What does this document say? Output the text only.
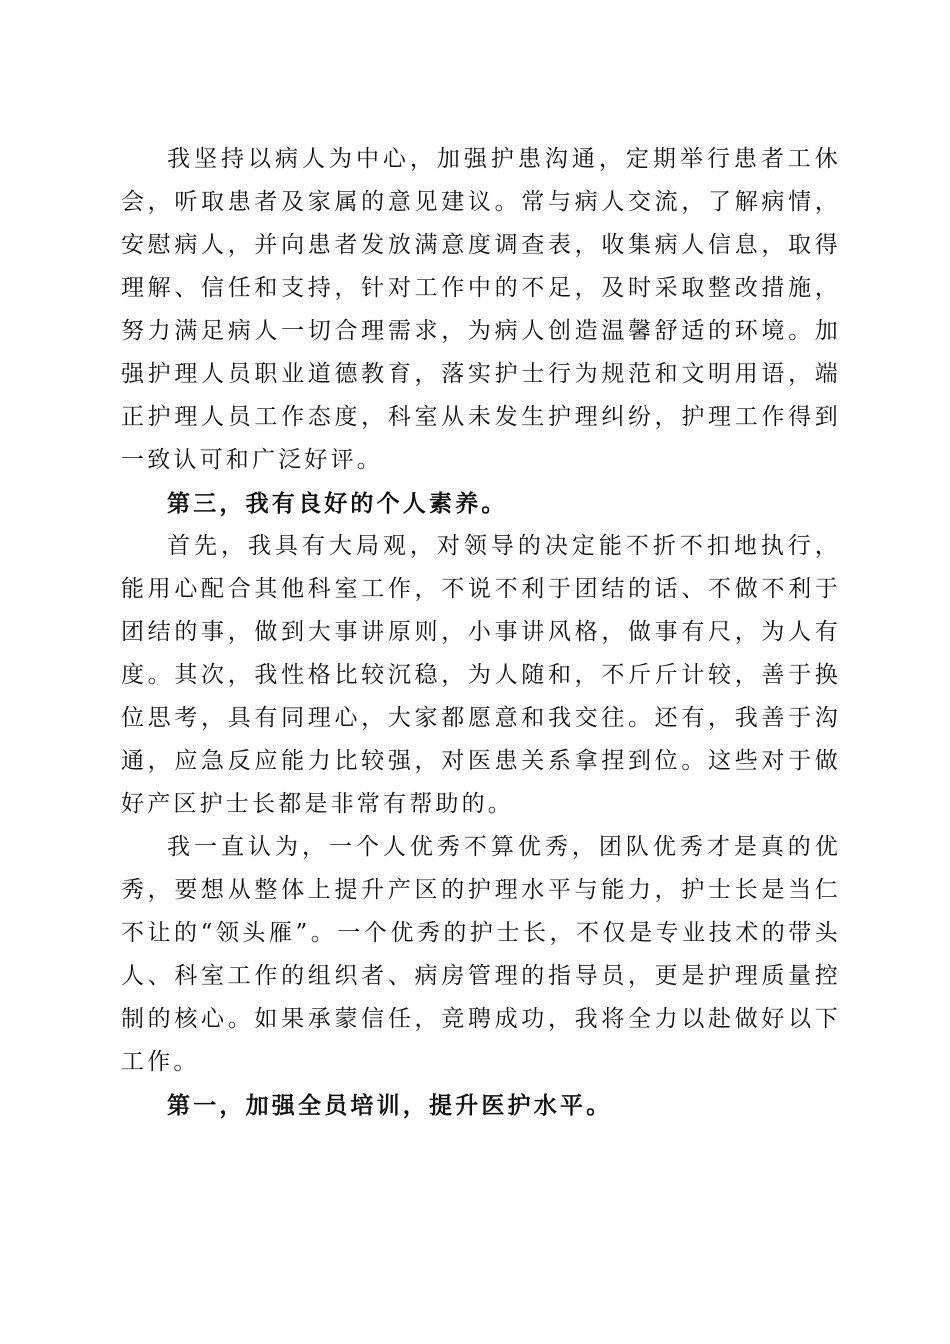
我坚持以病人为中心，加强护患沟通，定期举行患者工休会，听取患者及家属的意见建议。常与病人交流，了解病情，安慰病人，并向患者发放满意度调查表，收集病人信息，取得理解、信任和支持，针对工作中的不足，及时采取整改措施，努力满足病人一切合理需求，为病人创造温馨舒适的环境。加强护理人员职业道德教育，落实护士行为规范和文明用语，端正护理人员工作态度，科室从未发生护理纠纷，护理工作得到一致认可和广泛好评。

第三，我有良好的个人素养。

首先，我具有大局观，对领导的决定能不折不扣地执行，能用心配合其他科室工作，不说不利于团结的话、不做不利于团结的事，做到大事讲原则，小事讲风格，做事有尺，为人有度。其次，我性格比较沉稳，为人随和，不斤斤计较，善于换位思考，具有同理心，大家都愿意和我交往。还有，我善于沟通，应急反应能力比较强，对医患关系拿捏到位。这些对于做好产区护士长都是非常有帮助的。

我一直认为，一个人优秀不算优秀，团队优秀才是真的优秀，要想从整体上提升产区的护理水平与能力，护士长是当仁不让的“领头雁”。一个优秀的护士长，不仅是专业技术的带头人、科室工作的组织者、病房管理的指导员，更是护理质量控制的核心。如果承蒙信任，竞聘成功，我将全力以赴做好以下工作。

第一，加强全员培训，提升医护水平。
